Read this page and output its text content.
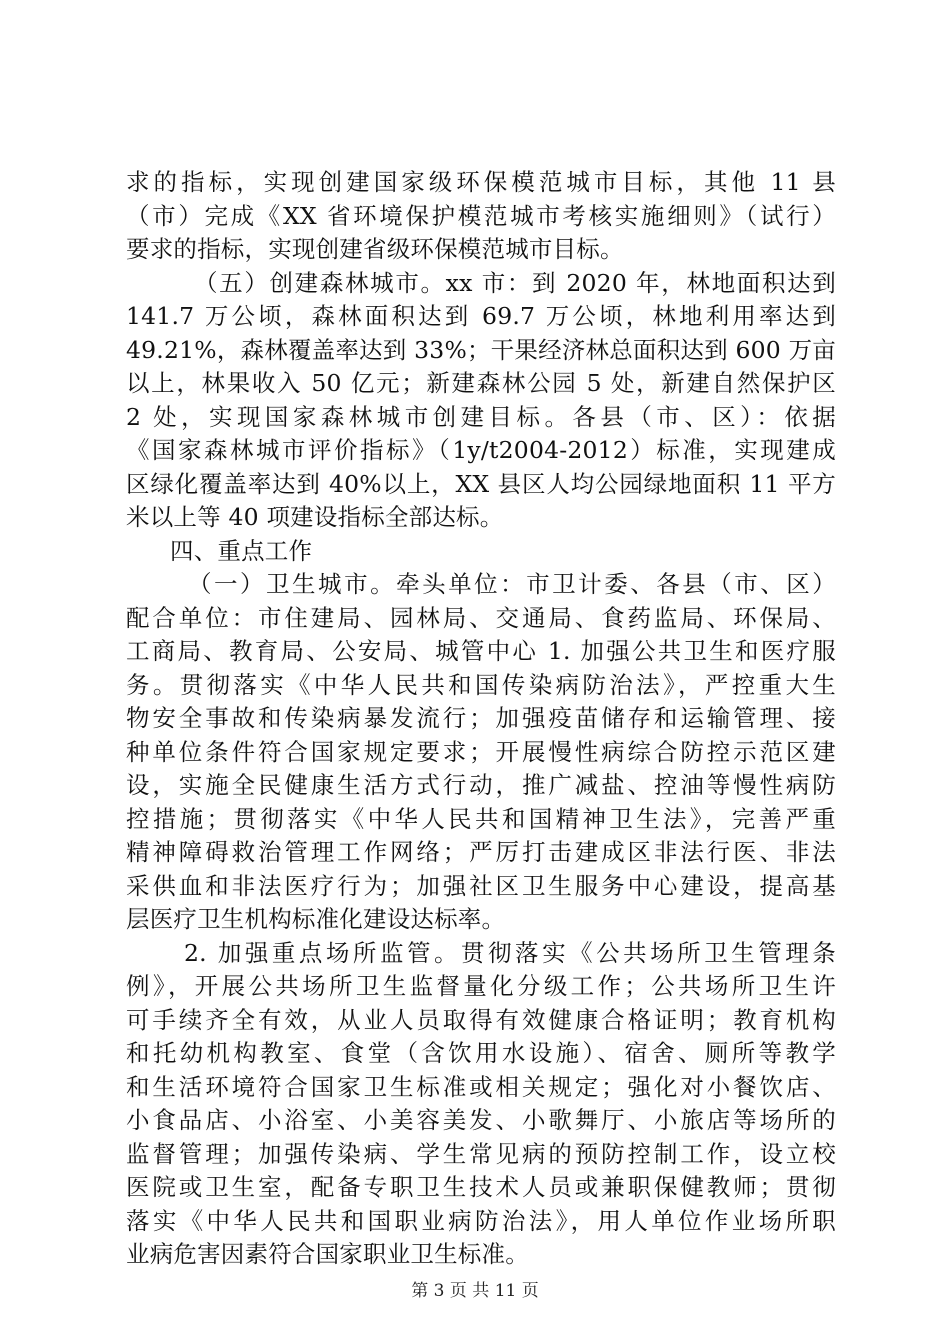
求的指标，实现创建国家级环保模范城市目标，其他 11 县
（市）完成《XX 省环境保护模范城市考核实施细则》（试行）
要求的指标，实现创建省级环保模范城市目标。
（五）创建森林城市。xx 市：到 2020 年，林地面积达到
141.7 万公顷，森林面积达到 69.7 万公顷，林地利用率达到
49.21%，森林覆盖率达到 33%；干果经济林总面积达到 600 万亩
以上，林果收入 50 亿元；新建森林公园 5 处，新建自然保护区
2 处，实现国家森林城市创建目标。各县（市、区）：依据
《国家森林城市评价指标》（1y/t2004-2012）标准，实现建成
区绿化覆盖率达到 40%以上，XX 县区人均公园绿地面积 11 平方
米以上等 40 项建设指标全部达标。
四、重点工作
（一）卫生城市。牵头单位：市卫计委、各县（市、区）
配合单位：市住建局、园林局、交通局、食药监局、环保局、
工商局、教育局、公安局、城管中心 1. 加强公共卫生和医疗服
务。贯彻落实《中华人民共和国传染病防治法》，严控重大生
物安全事故和传染病暴发流行；加强疫苗储存和运输管理、接
种单位条件符合国家规定要求；开展慢性病综合防控示范区建
设，实施全民健康生活方式行动，推广减盐、控油等慢性病防
控措施；贯彻落实《中华人民共和国精神卫生法》，完善严重
精神障碍救治管理工作网络；严厉打击建成区非法行医、非法
采供血和非法医疗行为；加强社区卫生服务中心建设，提高基
层医疗卫生机构标准化建设达标率。
2. 加强重点场所监管。贯彻落实《公共场所卫生管理条
例》，开展公共场所卫生监督量化分级工作；公共场所卫生许
可手续齐全有效，从业人员取得有效健康合格证明；教育机构
和托幼机构教室、食堂（含饮用水设施）、宿舍、厕所等教学
和生活环境符合国家卫生标准或相关规定；强化对小餐饮店、
小食品店、小浴室、小美容美发、小歌舞厅、小旅店等场所的
监督管理；加强传染病、学生常见病的预防控制工作，设立校
医院或卫生室，配备专职卫生技术人员或兼职保健教师；贯彻
落实《中华人民共和国职业病防治法》，用人单位作业场所职
业病危害因素符合国家职业卫生标准。
第 3 页 共 11 页
